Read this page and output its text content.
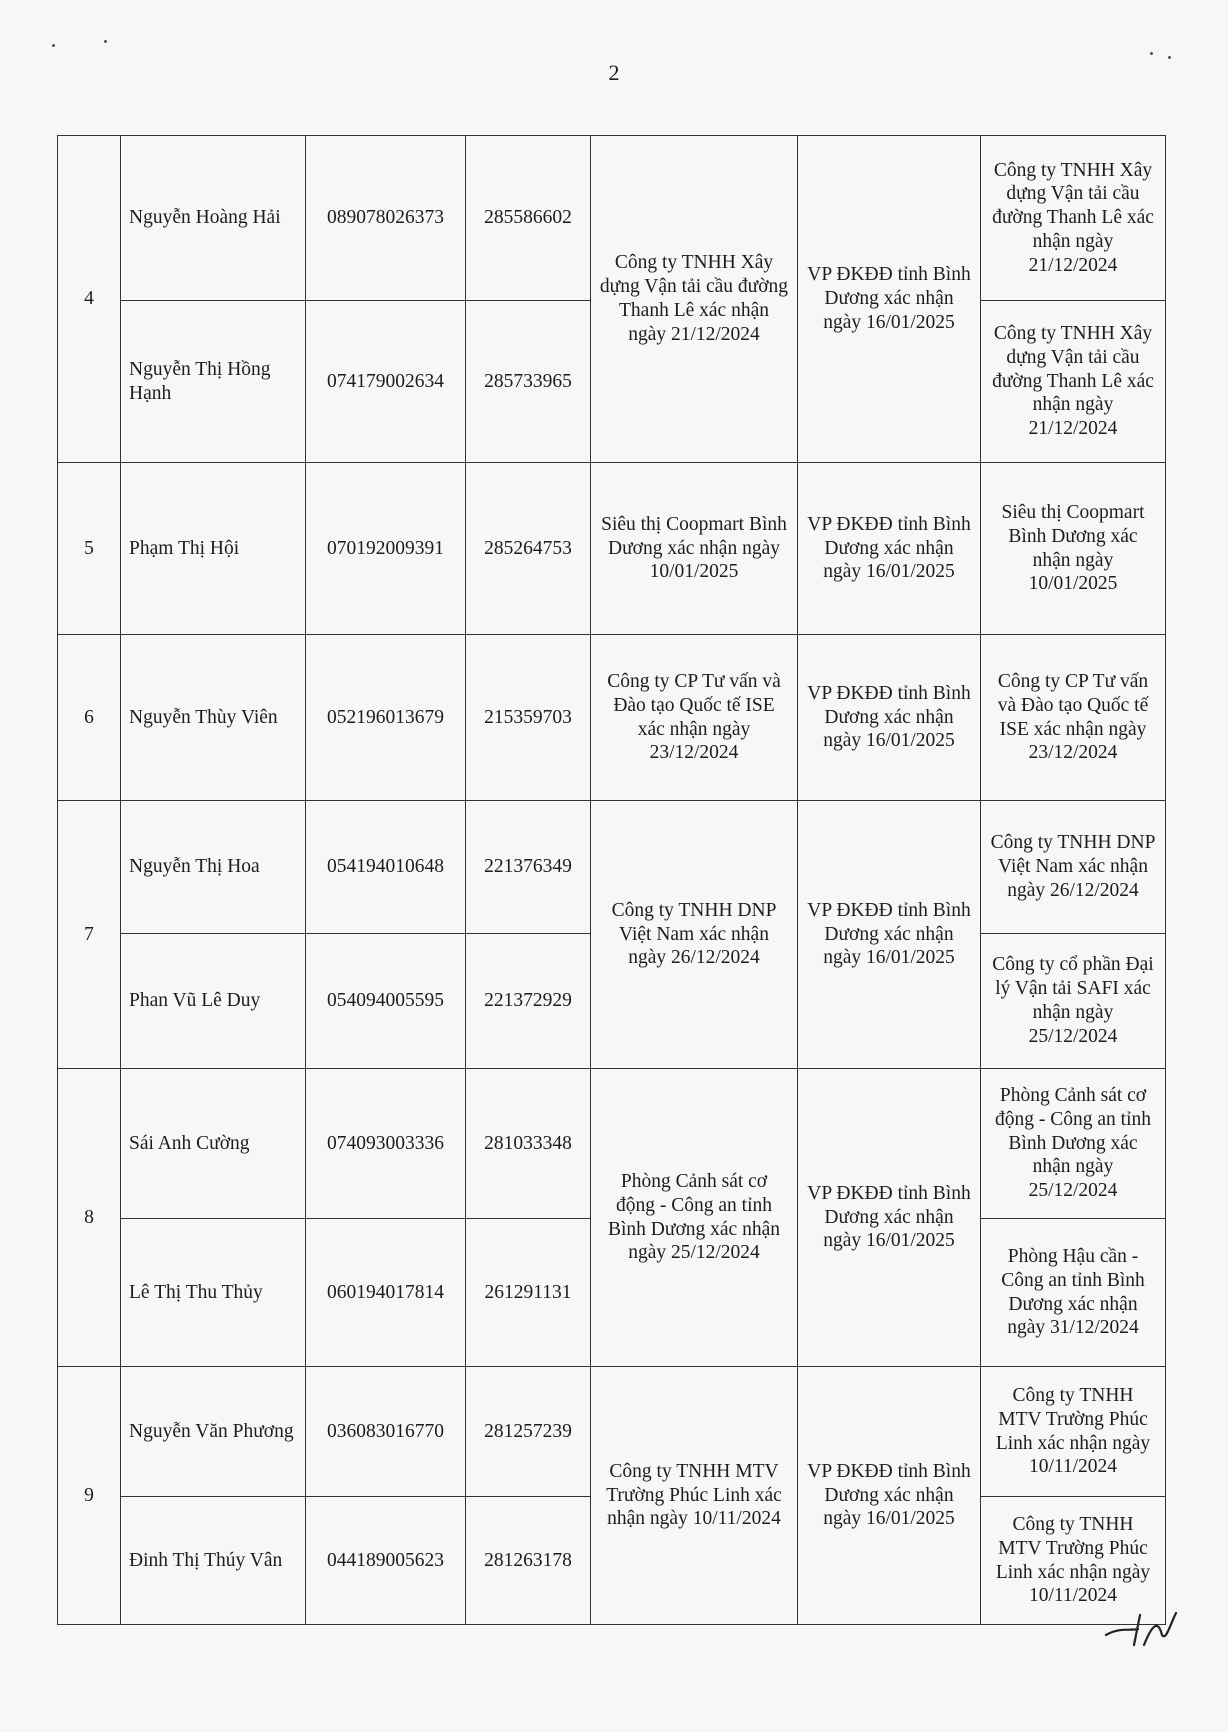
2
4	Nguyễn Hoàng Hải	089078026373	285586602	Công ty TNHH Xây dựng Vận tải cầu đường Thanh Lê xác nhận ngày 21/12/2024	VP ĐKĐĐ tỉnh Bình Dương xác nhận ngày 16/01/2025	Công ty TNHH Xây dựng Vận tải cầu đường Thanh Lê xác nhận ngày 21/12/2024
	Nguyễn Thị Hồng Hạnh	074179002634	285733965			Công ty TNHH Xây dựng Vận tải cầu đường Thanh Lê xác nhận ngày 21/12/2024
5	Phạm Thị Hội	070192009391	285264753	Siêu thị Coopmart Bình Dương xác nhận ngày 10/01/2025	VP ĐKĐĐ tỉnh Bình Dương xác nhận ngày 16/01/2025	Siêu thị Coopmart Bình Dương xác nhận ngày 10/01/2025
6	Nguyễn Thùy Viên	052196013679	215359703	Công ty CP Tư vấn và Đào tạo Quốc tế ISE xác nhận ngày 23/12/2024	VP ĐKĐĐ tỉnh Bình Dương xác nhận ngày 16/01/2025	Công ty CP Tư vấn và Đào tạo Quốc tế ISE xác nhận ngày 23/12/2024
7	Nguyễn Thị Hoa	054194010648	221376349	Công ty TNHH DNP Việt Nam xác nhận ngày 26/12/2024	VP ĐKĐĐ tỉnh Bình Dương xác nhận ngày 16/01/2025	Công ty TNHH DNP Việt Nam xác nhận ngày 26/12/2024
	Phan Vũ Lê Duy	054094005595	221372929			Công ty cổ phần Đại lý Vận tải SAFI xác nhận ngày 25/12/2024
8	Sái Anh Cường	074093003336	281033348	Phòng Cảnh sát cơ động - Công an tỉnh Bình Dương xác nhận ngày 25/12/2024	VP ĐKĐĐ tỉnh Bình Dương xác nhận ngày 16/01/2025	Phòng Cảnh sát cơ động - Công an tỉnh Bình Dương xác nhận ngày 25/12/2024
	Lê Thị Thu Thủy	060194017814	261291131			Phòng Hậu cần - Công an tỉnh Bình Dương xác nhận ngày 31/12/2024
9	Nguyễn Văn Phương	036083016770	281257239	Công ty TNHH MTV Trường Phúc Linh xác nhận ngày 10/11/2024	VP ĐKĐĐ tỉnh Bình Dương xác nhận ngày 16/01/2025	Công ty TNHH MTV Trường Phúc Linh xác nhận ngày 10/11/2024
	Đinh Thị Thúy Vân	044189005623	281263178			Công ty TNHH MTV Trường Phúc Linh xác nhận ngày 10/11/2024
